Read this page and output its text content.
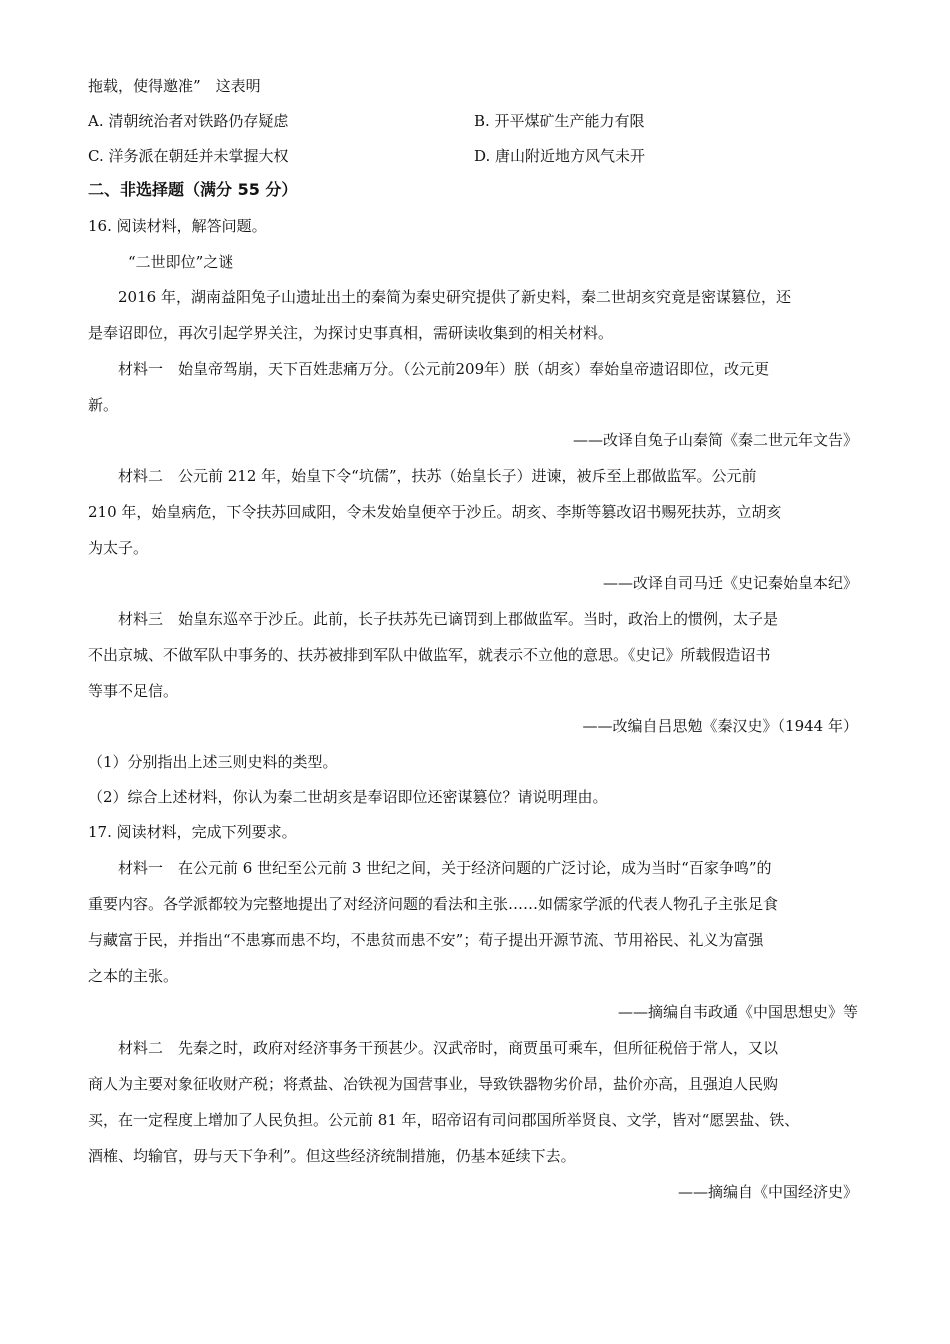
拖载，使得邀准”　这表明
A. 清朝统治者对铁路仍存疑虑	B. 开平煤矿生产能力有限
C. 洋务派在朝廷并未掌握大权	D. 唐山附近地方风气未开
二、非选择题（满分 55 分）
16. 阅读材料，解答问题。
“二世即位”之谜
2016 年，湖南益阳兔子山遗址出土的秦简为秦史研究提供了新史料，秦二世胡亥究竟是密谋篡位，还
是奉诏即位，再次引起学界关注，为探讨史事真相，需研读收集到的相关材料。
材料一　始皇帝驾崩，天下百姓悲痛万分。（公元前209年）朕（胡亥）奉始皇帝遗诏即位，改元更
新。
——改译自兔子山秦简《秦二世元年文告》
材料二　公元前 212 年，始皇下令“坑儒”，扶苏（始皇长子）进谏，被斥至上郡做监军。公元前
210 年，始皇病危，下令扶苏回咸阳，令未发始皇便卒于沙丘。胡亥、李斯等篡改诏书赐死扶苏，立胡亥
为太子。
——改译自司马迁《史记秦始皇本纪》
材料三　始皇东巡卒于沙丘。此前，长子扶苏先已谪罚到上郡做监军。当时，政治上的惯例，太子是
不出京城、不做军队中事务的、扶苏被排到军队中做监军，就表示不立他的意思。《史记》所载假造诏书
等事不足信。
——改编自吕思勉《秦汉史》（1944 年）
（1）分别指出上述三则史料的类型。
（2）综合上述材料，你认为秦二世胡亥是奉诏即位还密谋篡位？请说明理由。
17. 阅读材料，完成下列要求。
材料一　在公元前 6 世纪至公元前 3 世纪之间，关于经济问题的广泛讨论，成为当时“百家争鸣”的
重要内容。各学派都较为完整地提出了对经济问题的看法和主张……如儒家学派的代表人物孔子主张足食
与藏富于民，并指出“不患寡而患不均，不患贫而患不安”；荀子提出开源节流、节用裕民、礼义为富强
之本的主张。
——摘编自韦政通《中国思想史》等
材料二　先秦之时，政府对经济事务干预甚少。汉武帝时，商贾虽可乘车，但所征税倍于常人，又以
商人为主要对象征收财产税；将煮盐、冶铁视为国营事业，导致铁器物劣价昂，盐价亦高，且强迫人民购
买，在一定程度上增加了人民负担。公元前 81 年，昭帝诏有司问郡国所举贤良、文学，皆对“愿罢盐、铁、
酒榷、均输官，毋与天下争利”。但这些经济统制措施，仍基本延续下去。
——摘编自《中国经济史》
